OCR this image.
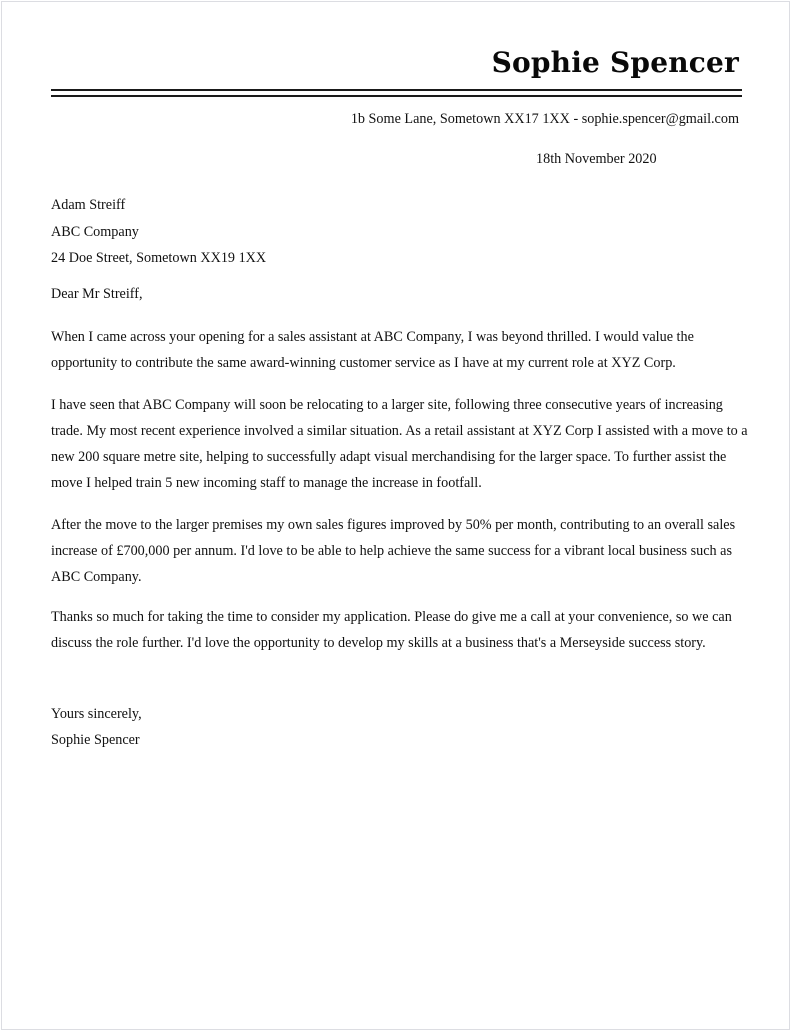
Sophie Spencer
1b Some Lane, Sometown XX17 1XX - sophie.spencer@gmail.com
18th November 2020
Adam Streiff
ABC Company
24 Doe Street, Sometown XX19 1XX
Dear Mr Streiff,

When I came across your opening for a sales assistant at ABC Company, I was beyond thrilled. I would value the opportunity to contribute the same award-winning customer service as I have at my current role at XYZ Corp.

I have seen that ABC Company will soon be relocating to a larger site, following three consecutive years of increasing trade. My most recent experience involved a similar situation. As a retail assistant at XYZ Corp I assisted with a move to a new 200 square metre site, helping to successfully adapt visual merchandising for the larger space. To further assist the move I helped train 5 new incoming staff to manage the increase in footfall.

After the move to the larger premises my own sales figures improved by 50% per month, contributing to an overall sales increase of £700,000 per annum. I'd love to be able to help achieve the same success for a vibrant local business such as ABC Company.

Thanks so much for taking the time to consider my application. Please do give me a call at your convenience, so we can discuss the role further. I'd love the opportunity to develop my skills at a business that's a Merseyside success story.

Yours sincerely,
Sophie Spencer
